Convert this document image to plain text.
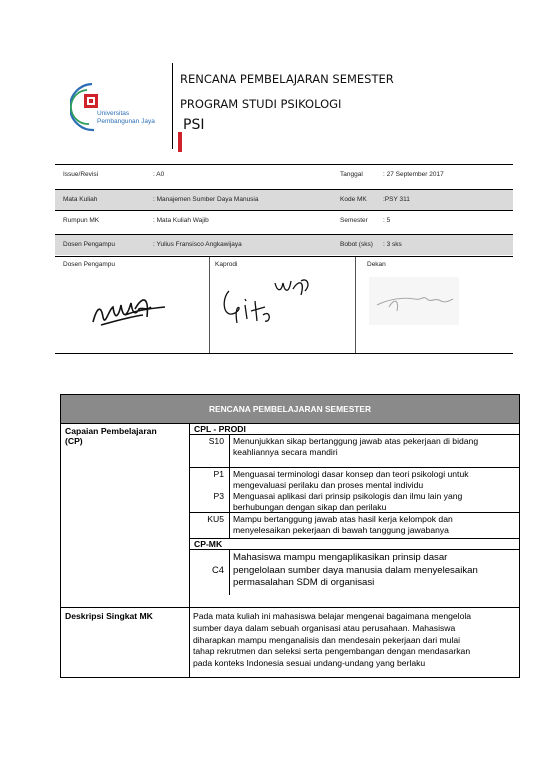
Universitas
Pembangunan Jaya
RENCANA PEMBELAJARAN SEMESTER
PROGRAM STUDI PSIKOLOGI
PSI
Issue/Revisi	: A0	Tanggal	: 27 September 2017
Mata Kuliah	: Manajemen Sumber Daya Manusia	Kode MK	:PSY 311
Rumpun MK	: Mata Kuliah Wajib	Semester : 5
Dosen Pengampu	: Yulius Fransisco Angkawijaya	Bobot (sks) : 3 sks
Dosen Pengampu	Kaprodi	Dekan
RENCANA PEMBELAJARAN SEMESTER
Capaian Pembelajaran
(CP)
CPL - PRODI
S10 Menunjukkan sikap bertanggung jawab atas pekerjaan di bidang
keahliannya secara mandiri
P1 Menguasai terminologi dasar konsep dan teori psikologi untuk
mengevaluasi perilaku dan proses mental individu
P3 Menguasai aplikasi dari prinsip psikologis dan ilmu lain yang
berhubungan dengan sikap dan perilaku
KU5 Mampu bertanggung jawab atas hasil kerja kelompok dan
menyelesaikan pekerjaan di bawah tanggung jawabanya
CP-MK
C4
Mahasiswa mampu mengaplikasikan prinsip dasar
pengelolaan sumber daya manusia dalam menyelesaikan
permasalahan SDM di organisasi
Deskripsi Singkat MK	Pada mata kuliah ini mahasiswa belajar mengenai bagaimana mengelola
sumber daya dalam sebuah organisasi atau perusahaan. Mahasiswa
diharapkan mampu menganalisis dan mendesain pekerjaan dari mulai
tahap rekrutmen dan seleksi serta pengembangan dengan mendasarkan
pada konteks Indonesia sesuai undang-undang yang berlaku
